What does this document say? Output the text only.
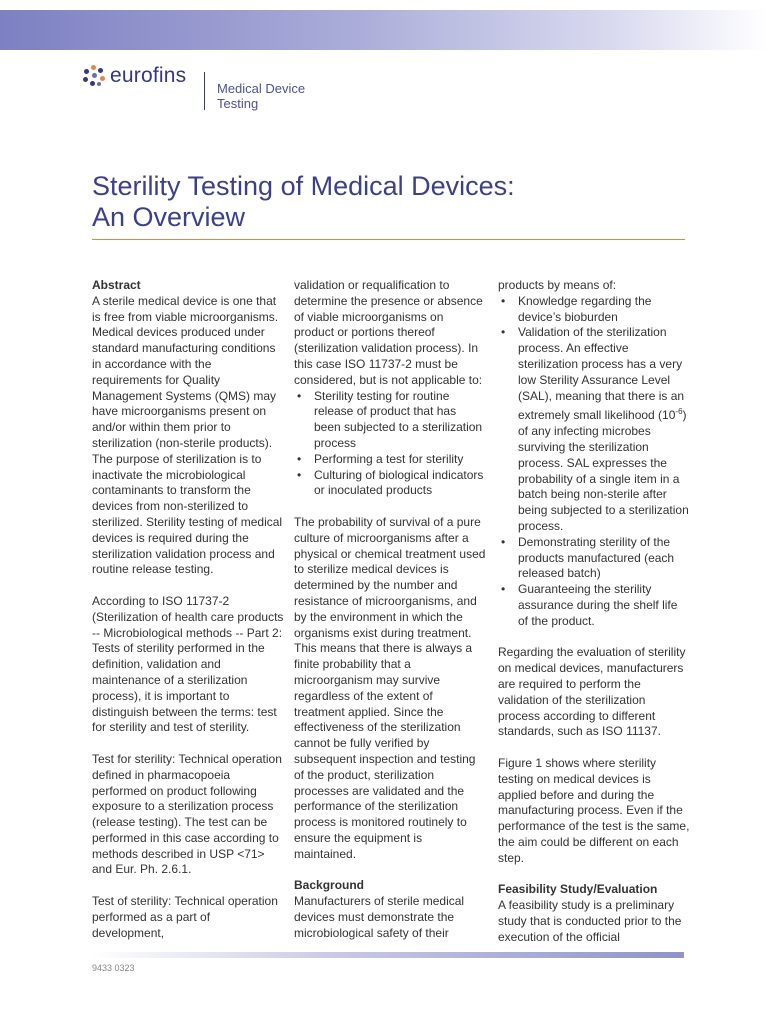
eurofins
Medical Device
Testing
Sterility Testing of Medical Devices:
An Overview
Abstract

A sterile medical device is one that is free from viable microorganisms. Medical devices produced under standard manufacturing conditions in accordance with the requirements for Quality Management Systems (QMS) may have microorganisms present on and/or within them prior to sterilization (non-sterile products). The purpose of sterilization is to inactivate the microbiological contaminants to transform the devices from non-sterilized to sterilized. Sterility testing of medical devices is required during the sterilization validation process and routine release testing.

According to ISO 11737-2 (Sterilization of health care products -- Microbiological methods -- Part 2: Tests of sterility performed in the definition, validation and maintenance of a sterilization process), it is important to distinguish between the terms: test for sterility and test of sterility.

Test for sterility: Technical operation defined in pharmacopoeia performed on product following exposure to a sterilization process (release testing). The test can be performed in this case according to methods described in USP <71> and Eur. Ph. 2.6.1.

Test of sterility: Technical operation performed as a part of development,

validation or requalification to determine the presence or absence of viable microorganisms on product or portions thereof (sterilization validation process). In this case ISO 11737-2 must be considered, but is not applicable to:

• Sterility testing for routine release of product that has been subjected to a sterilization process
• Performing a test for sterility
• Culturing of biological indicators or inoculated products

The probability of survival of a pure culture of microorganisms after a physical or chemical treatment used to sterilize medical devices is determined by the number and resistance of microorganisms, and by the environment in which the organisms exist during treatment. This means that there is always a finite probability that a microorganism may survive regardless of the extent of treatment applied. Since the effectiveness of the sterilization cannot be fully verified by subsequent inspection and testing of the product, sterilization processes are validated and the performance of the sterilization process is monitored routinely to ensure the equipment is maintained.

Background

Manufacturers of sterile medical devices must demonstrate the microbiological safety of their

products by means of:

• Knowledge regarding the device’s bioburden
• Validation of the sterilization process. An effective sterilization process has a very low Sterility Assurance Level (SAL), meaning that there is an extremely small likelihood $(10^{-6})$ of any infecting microbes surviving the sterilization process. SAL expresses the probability of a single item in a batch being non-sterile after being subjected to a sterilization process.
• Demonstrating sterility of the products manufactured (each released batch)
• Guaranteeing the sterility assurance during the shelf life of the product.

Regarding the evaluation of sterility on medical devices, manufacturers are required to perform the validation of the sterilization process according to different standards, such as ISO 11137.

Figure 1 shows where sterility testing on medical devices is applied before and during the manufacturing process. Even if the performance of the test is the same, the aim could be different on each step.

Feasibility Study/Evaluation

A feasibility study is a preliminary study that is conducted prior to the execution of the official

9433 0323
